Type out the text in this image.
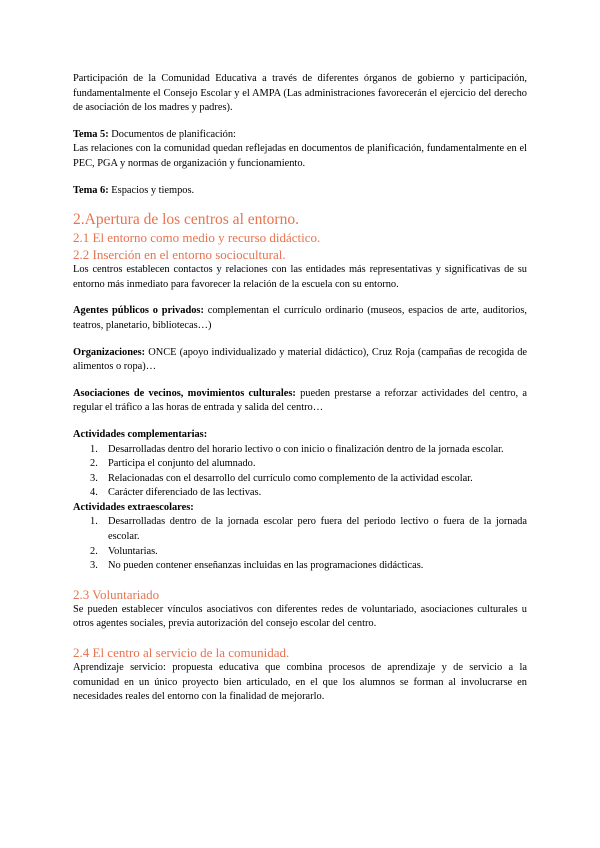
Participación de la Comunidad Educativa a través de diferentes órganos de gobierno y participación, fundamentalmente el Consejo Escolar y el AMPA (Las administraciones favorecerán el ejercicio del derecho de asociación de los madres y padres).

Tema 5: Documentos de planificación:

Las relaciones con la comunidad quedan reflejadas en documentos de planificación, fundamentalmente en el PEC, PGA y normas de organización y funcionamiento.

Tema 6: Espacios y tiempos.

2.Apertura de los centros al entorno.
2.1 El entorno como medio y recurso didáctico.
2.2 Inserción en el entorno sociocultural.

Los centros establecen contactos y relaciones con las entidades más representativas y significativas de su entorno más inmediato para favorecer la relación de la escuela con su entorno.

Agentes públicos o privados: complementan el currículo ordinario (museos, espacios de arte, auditorios, teatros, planetario, bibliotecas…)

Organizaciones: ONCE (apoyo individualizado y material didáctico), Cruz Roja (campañas de recogida de alimentos o ropa)…

Asociaciones de vecinos, movimientos culturales: pueden prestarse a reforzar actividades del centro, a regular el tráfico a las horas de entrada y salida del centro…

Actividades complementarias:
1. Desarrolladas dentro del horario lectivo o con inicio o finalización dentro de la jornada escolar.
2. Participa el conjunto del alumnado.
3. Relacionadas con el desarrollo del currículo como complemento de la actividad escolar.
4. Carácter diferenciado de las lectivas.
Actividades extraescolares:
1. Desarrolladas dentro de la jornada escolar pero fuera del periodo lectivo o fuera de la jornada escolar.
2. Voluntarias.
3. No pueden contener enseñanzas incluidas en las programaciones didácticas.
2.3 Voluntariado

Se pueden establecer vínculos asociativos con diferentes redes de voluntariado, asociaciones culturales u otros agentes sociales, previa autorización del consejo escolar del centro.

2.4 El centro al servicio de la comunidad.

Aprendizaje servicio: propuesta educativa que combina procesos de aprendizaje y de servicio a la comunidad en un único proyecto bien articulado, en el que los alumnos se forman al involucrarse en necesidades reales del entorno con la finalidad de mejorarlo.
